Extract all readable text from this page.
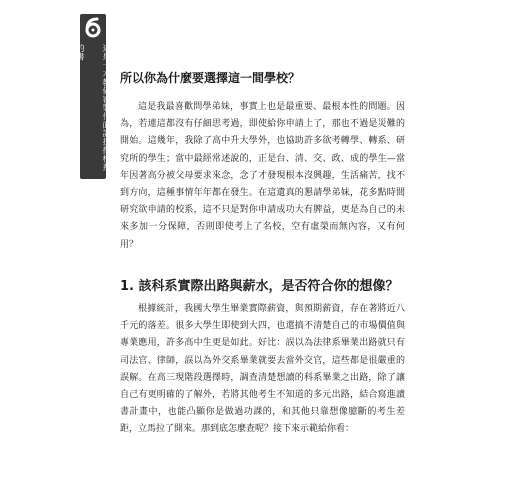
這是一本教備審製作面試抉擇校系的書
所以你為什麼要選擇這一間學校？

這是我最喜歡問學弟妹，事實上也是最重要、最根本性的問題。因為，若連這都沒有仔細思考過，即使給你申請上了，那也不過是災難的開始。這幾年，我除了高中升大學外，也協助許多欲考轉學、轉系、研究所的學生；當中最經常述說的，正是台、清、交、政、成的學生—當年因著高分被父母要求來念，念了才發現根本沒興趣，生活痛苦，找不到方向，這種事情年年都在發生。在這遺真的懇請學弟妹，花多點時間研究欲申請的校系，這不只是對你申請成功大有脾益，更是為自己的未來多加一分保障，否則即使考上了名校，空有虛榮而無內容，又有何用？

1. 該科系實際出路與薪水，是否符合你的想像？

根據統計，我國大學生畢業實際薪資，與預期薪資，存在著將近八千元的落差。很多大學生即使到大四，也還搞不清楚自己的市場價值與專業應用，許多高中生更是如此。好比：誤以為法律系畢業出路就只有司法官、律師，誤以為外交系畢業就要去當外交官，這些都是很嚴重的誤解。在高三現階段選擇時，調查清楚想讀的科系畢業之出路，除了讓自己有更明確的了解外，若將其他考生不知道的多元出路，結合寫進讀書計畫中，也能凸顯你是做過功課的，和其他只靠想像臆斷的考生差距，立馬拉了開來。那到底怎麼查呢？接下來示範給你看：
